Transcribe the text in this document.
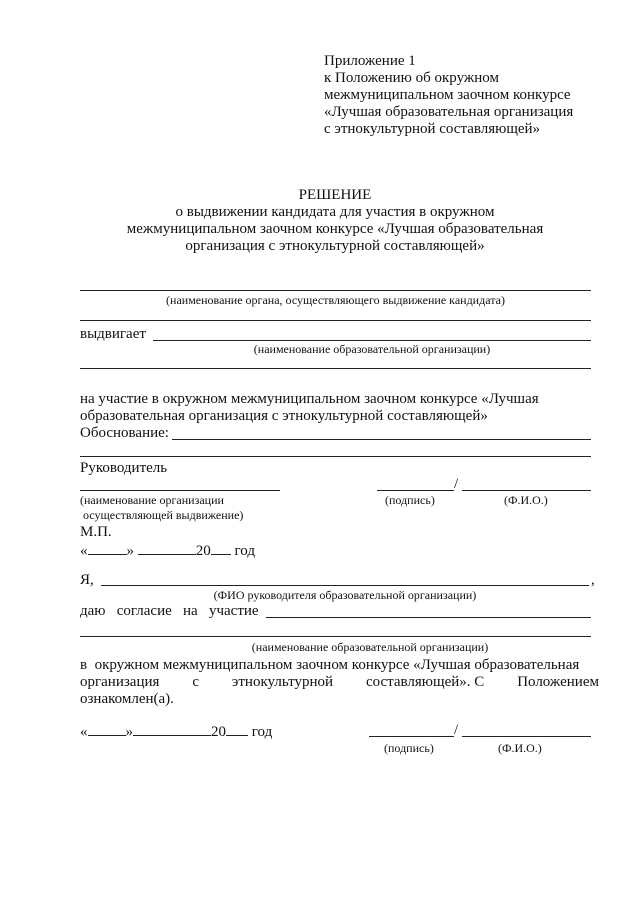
Приложение 1
к Положению об окружном
межмуниципальном заочном конкурсе
«Лучшая образовательная организация
с этнокультурной составляющей»
РЕШЕНИЕ
о выдвижении кандидата для участия в окружном
межмуниципальном заочном конкурсе «Лучшая образовательная
организация с этнокультурной составляющей»
(наименование органа, осуществляющего выдвижение кандидата)
выдвигает
(наименование образовательной организации)
на участие в окружном межмуниципальном заочном конкурсе «Лучшая
образовательная организация с этнокультурной составляющей»
Обоснование:
Руководитель
/
(наименование организации
осуществляющей выдвижение)
(подпись)	(Ф.И.О.)
М.П.
«	»	20 год
Я,	,
(ФИО руководителя образовательной организации)
даю   согласие   на   участие
(наименование образовательной организации)
в  окружном межмуниципальном заочном конкурсе «Лучшая образовательная
организация с этнокультурной составляющей». С Положением
ознакомлен(а).
«	»	20 год	/
(подпись)	(Ф.И.О.)
